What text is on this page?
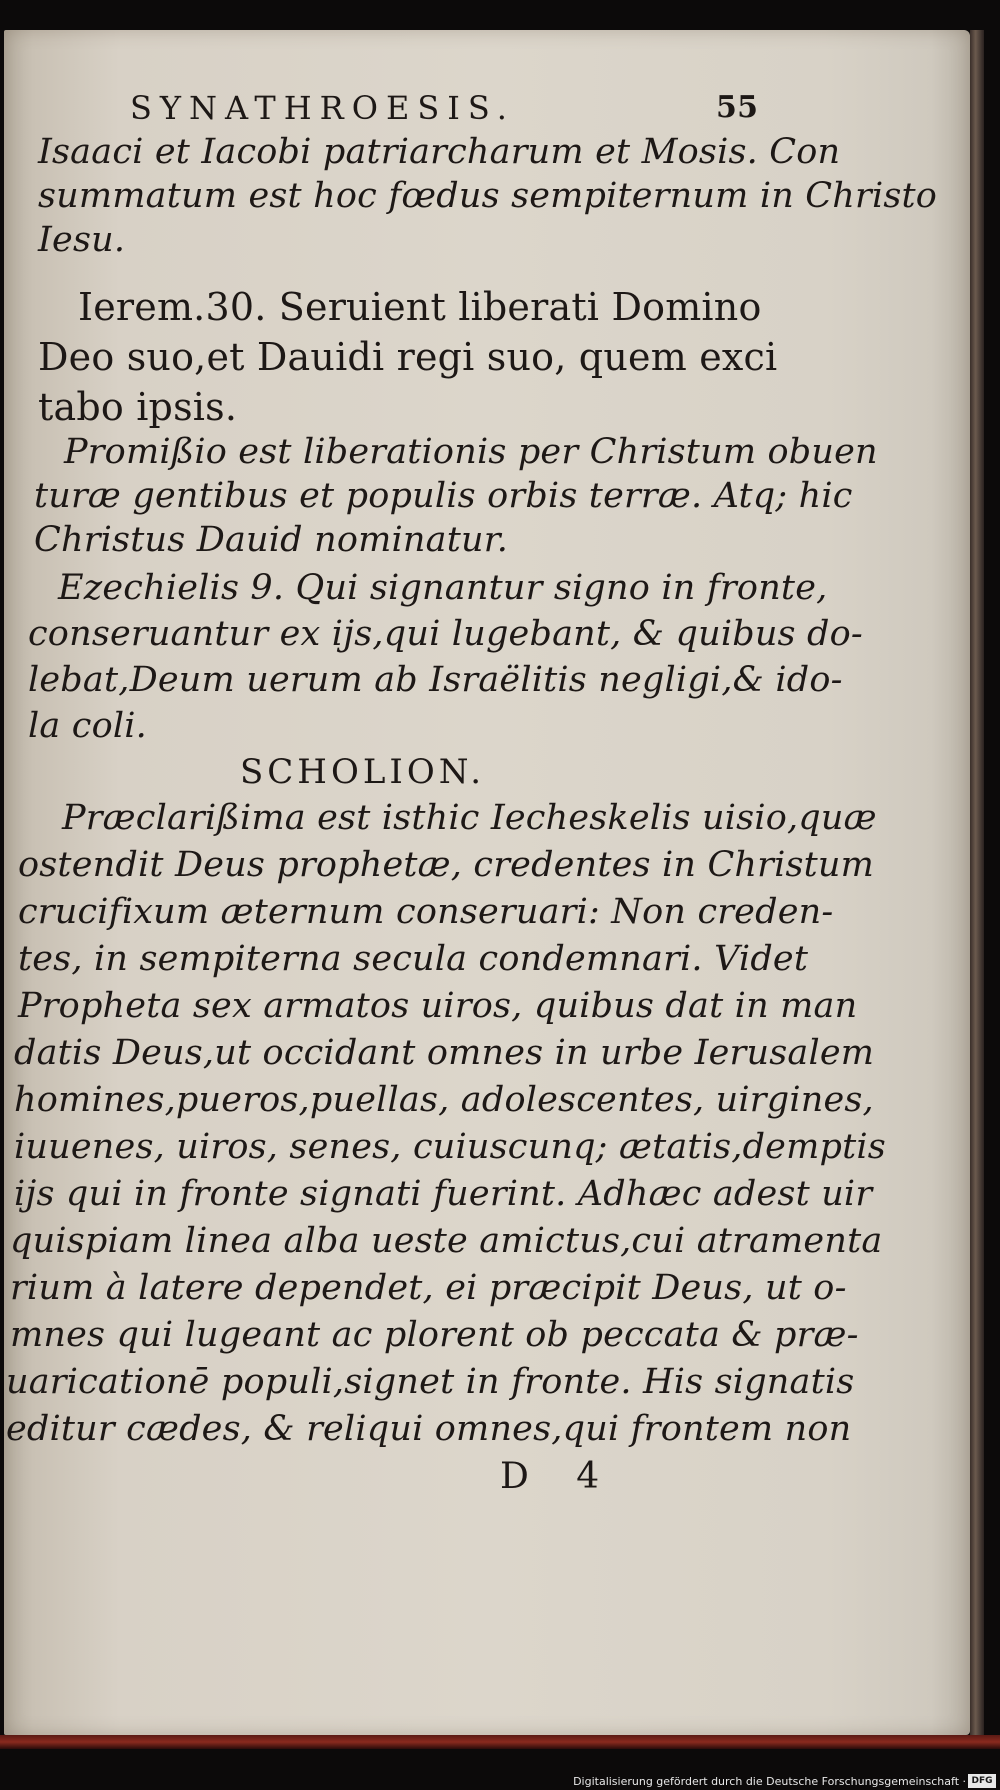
SYNATHROESIS.	55
Isaaci et Iacobi patriarcharum et Mosis. Con
summatum est hoc fœdus sempiternum in Christo
Iesu.
Ierem.30. Seruient liberati Domino
Deo suo,et Dauidi regi suo, quem exci
tabo ipsis.
Promißio est liberationis per Christum obuen
turæ gentibus et populis orbis terræ. Atq; hic
Christus Dauid nominatur.
Ezechielis 9. Qui signantur signo in fronte,
conseruantur ex ijs,qui lugebant, & quibus do-
lebat,Deum uerum ab Israëlitis negligi,& ido-
la coli.
SCHOLION.
Præclarißima est isthic Iecheskelis uisio,quæ
ostendit Deus prophetæ, credentes in Christum
crucifixum æternum conseruari: Non creden-
tes, in sempiterna secula condemnari. Videt
Propheta sex armatos uiros, quibus dat in man
datis Deus,ut occidant omnes in urbe Ierusalem
homines,pueros,puellas, adolescentes, uirgines,
iuuenes, uiros, senes, cuiuscunq; ætatis,demptis
ijs qui in fronte signati fuerint. Adhæc adest uir
quispiam linea alba ueste amictus,cui atramenta
rium à latere dependet, ei præcipit Deus, ut o-
mnes qui lugeant ac plorent ob peccata & præ-
uaricationē populi,signet in fronte. His signatis
editur cædes, & reliqui omnes,qui frontem non
D 4
Digitalisierung gefördert durch die Deutsche Forschungsgemeinschaft · DFG
